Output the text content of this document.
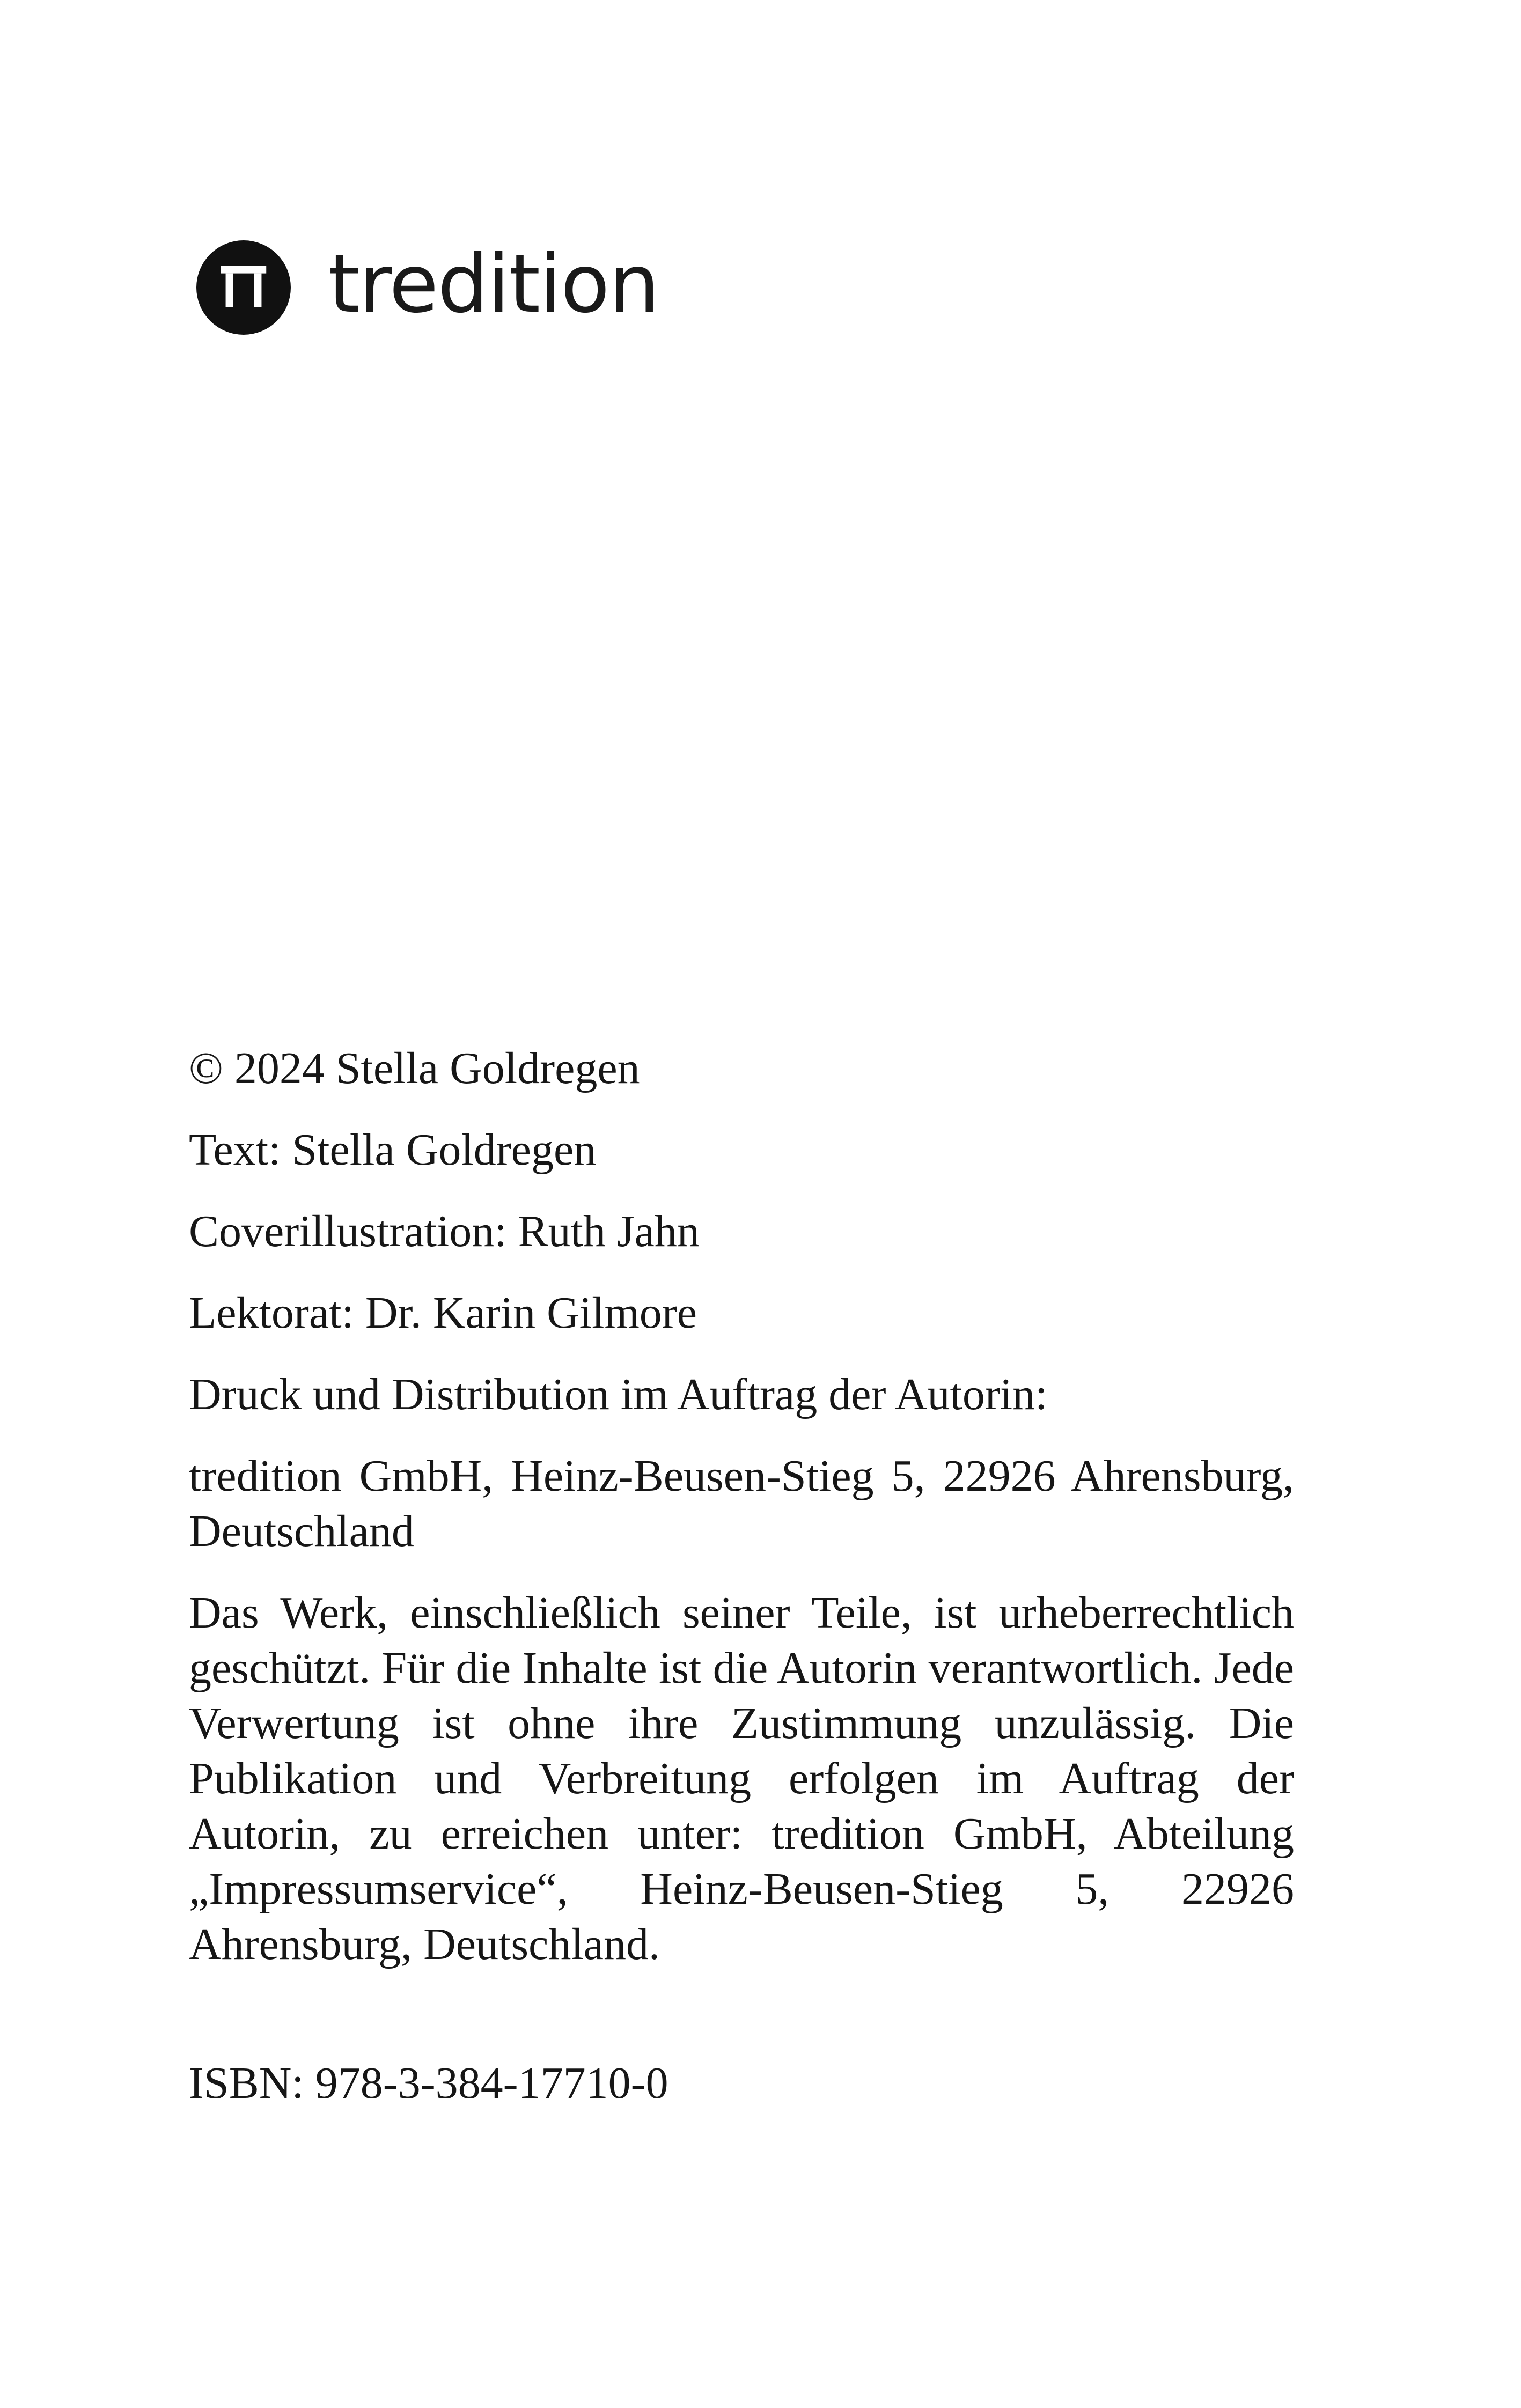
tredition

© 2024 Stella Goldregen

Text: Stella Goldregen

Coverillustration: Ruth Jahn

Lektorat: Dr. Karin Gilmore

Druck und Distribution im Auftrag der Autorin:

tredition GmbH, Heinz-Beusen-Stieg 5, 22926 Ahrensburg, Deutschland

Das Werk, einschließlich seiner Teile, ist urheberrechtlich geschützt. Für die Inhalte ist die Autorin verantwortlich. Jede Verwertung ist ohne ihre Zustimmung unzulässig. Die Publikation und Verbreitung erfolgen im Auftrag der Autorin, zu erreichen unter: tredition GmbH, Abteilung „Impressumservice“, Heinz-Beusen-Stieg 5, 22926 Ahrensburg, Deutschland.

ISBN: 978-3-384-17710-0
